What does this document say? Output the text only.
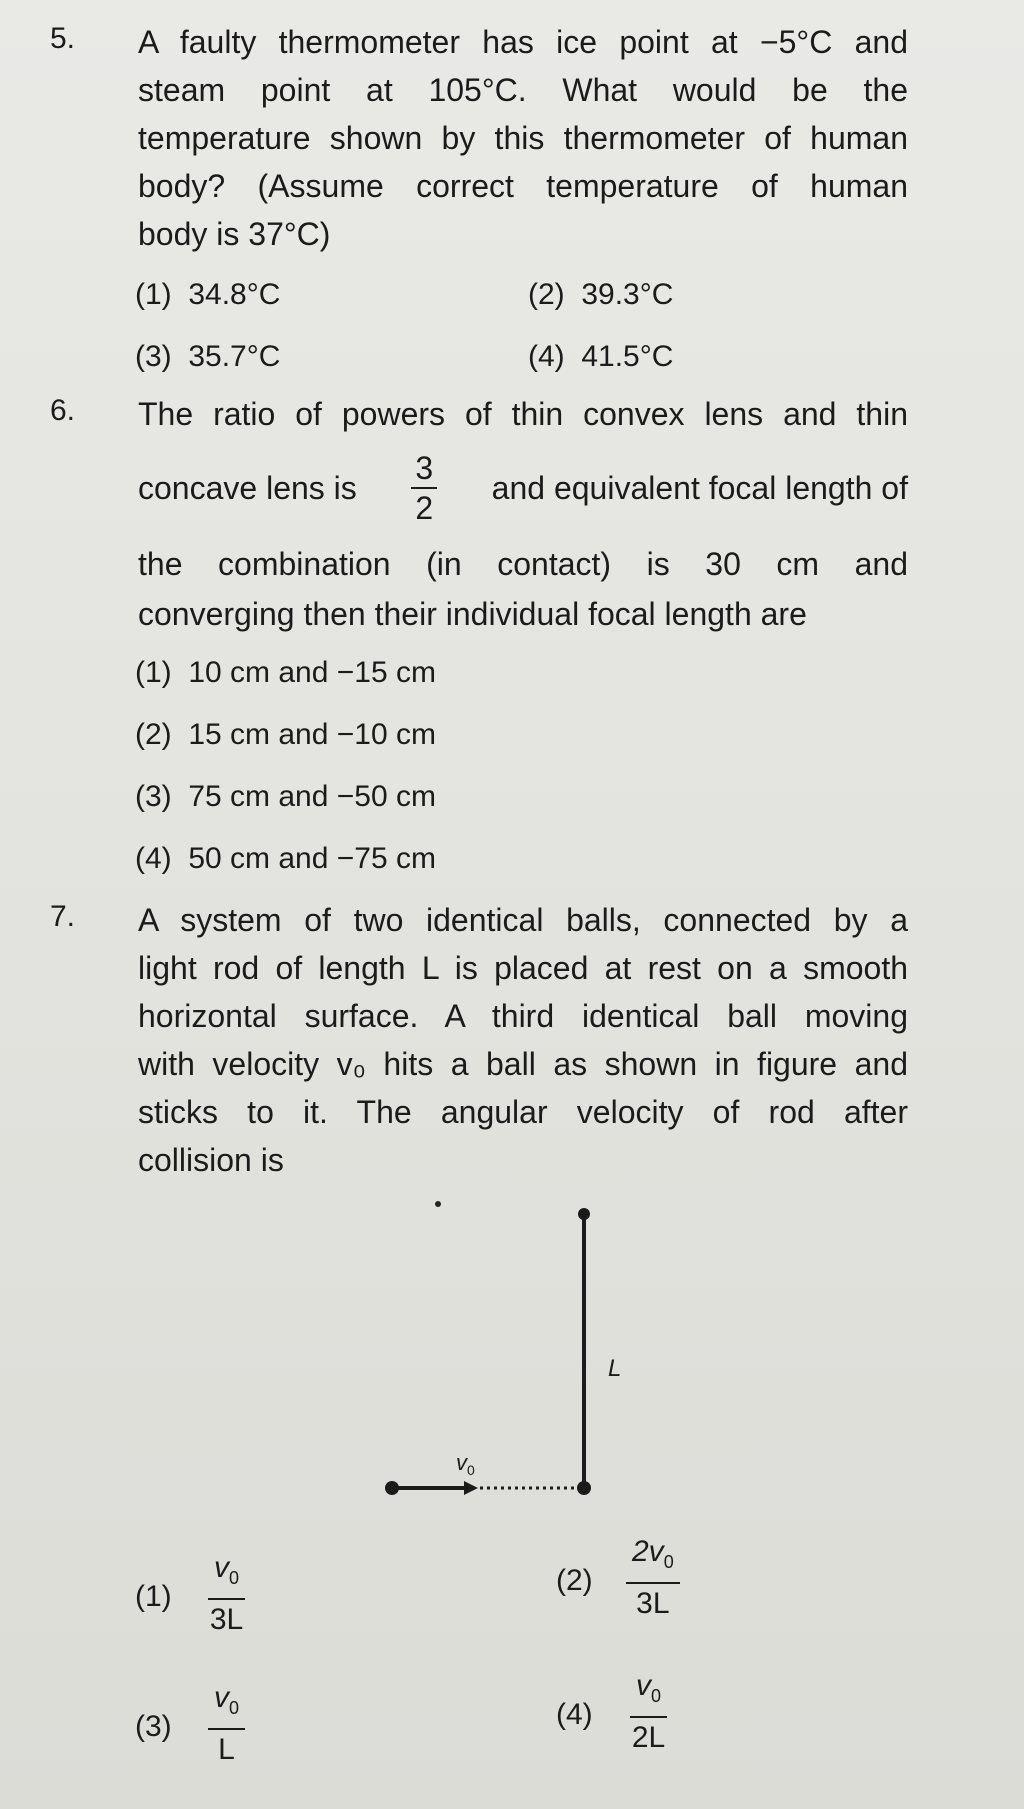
5. A faulty thermometer has ice point at −5°C and
steam point at 105°C. What would be the
temperature shown by this thermometer of human
body? (Assume correct temperature of human
body is 37°C)
(1) 34.8°C	(2) 39.3°C
(3) 35.7°C	(4) 41.5°C
6. The ratio of powers of thin convex lens and thin
concave lens is $\frac{3}{2}$ and equivalent focal length of
the combination (in contact) is 30 cm and
converging then their individual focal length are
(1) 10 cm and −15 cm
(2) 15 cm and −10 cm
(3) 75 cm and −50 cm
(4) 50 cm and −75 cm
7. A system of two identical balls, connected by a
light rod of length L is placed at rest on a smooth
horizontal surface. A third identical ball moving
with velocity v₀ hits a ball as shown in figure and
sticks to it. The angular velocity of rod after
collision is
L
$v_0$
$(1) \frac{v_0}{3L}$	$(2) \frac{2v_0}{3L}$
$(3) \frac{v_0}{L}$	$(4) \frac{v_0}{2L}$
